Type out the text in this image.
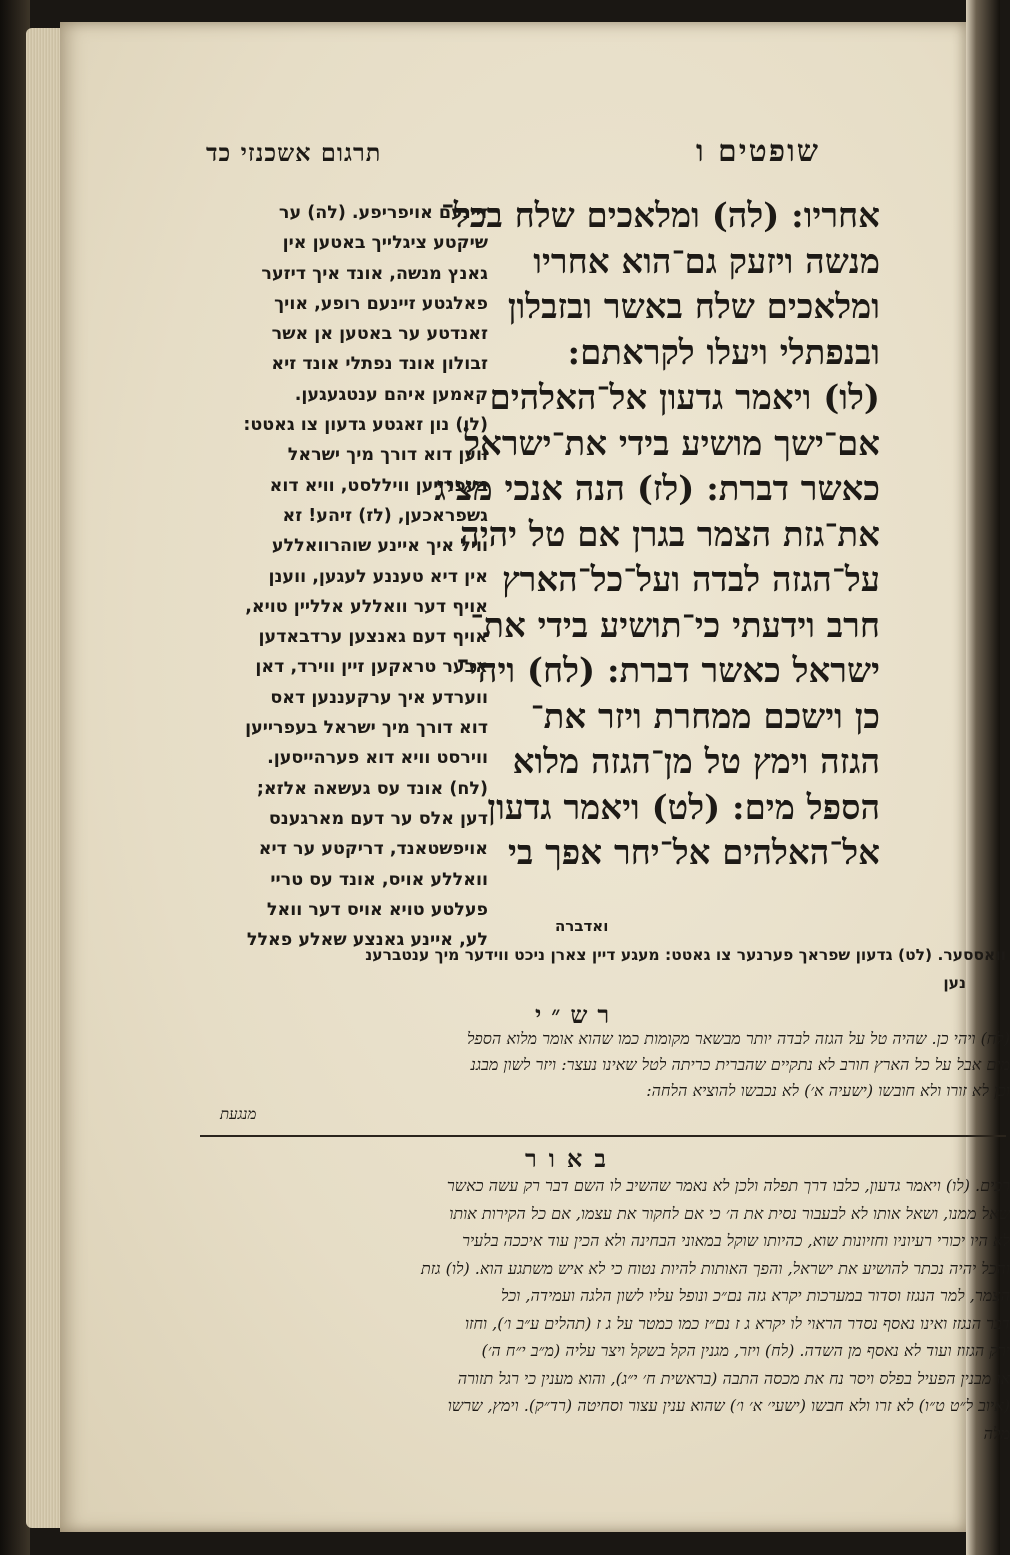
שופטים ו
תרגום אשכנזי כד
אחריו: (לה) ומלאכים שלח בכל־
מנשה ויזעק גם־הוא אחריו
ומלאכים שלח באשר ובזבלון
ובנפתלי ויעלו לקראתם:
(לו) ויאמר גדעון אל־האלהים
אם־ישך מושיע בידי את־ישראל
כאשר דברת: (לז) הנה אנכי מציג
את־גזת הצמר בגרן אם טל יהיה
על־הגזה לבדה ועל־כל־הארץ
חרב וידעתי כי־תושיע בידי את־
ישראל כאשר דברת: (לח) ויהי־
כן וישכם ממחרת ויזר את־
הגזה וימץ טל מן־הגזה מלוא
הספל מים: (לט) ויאמר גדעון
אל־האלהים אל־יחר אפך בי
ואדברה
זיינעם אויפריפע. (לה) ער
שיקטע ציגלייך באטען אין
גאנץ מנשה, אונד איך דיזער
פאלגטע זיינעם רופע, אויך
זאנדטע ער באטען אן אשר
זבולון אונד נפתלי אונד זיא
קאמען איהם ענטגעגען.
(לו) נון זאגטע גדעון צו גאטט:
ווען דוא דורך מיך ישראל
בעפרייען וויללסט, וויא דוא
גשפראכען, (לז) זיהע! זא
וויל איך איינע שוהרוואללע
אין דיא טעננע לעגען, ווענן
אויף דער וואללע אלליין טויא,
אויף דעם גאנצען ערדבאדען
אבער טראקען זיין ווירד, דאן
ווערדע איך ערקעננען דאס
דוא דורך מיך ישראל בעפרייען
ווירסט וויא דוא פערהייסען.
(לח) אונד עס געשאה אלזא;
דען אלס ער דעם מארגענס
אויפשטאנד, דריקטע ער דיא
וואללע אויס, אונד עס טריי
פעלטע טויא אויס דער וואל
לע, איינע גאנצע שאלע פאלל
וואססער. (לט) גדעון שפראך פערנער צו גאטט: מעגע דיין צארן ניכט ווידער מיך ענטברענ
נען
רש״י
(לח) ויהי כן. שהיה טל על הגזה לבדה יותר מבשאר מקומות כמו שהוא אומר מלוא הספל
מים אבל על כל הארץ חורב לא נתקיים שהברית כריתה לטל שאינו נעצר: ויזר לשון מבגנ
וכן לא זורו ולא חובשו (ישעיה א׳) לא נכבשו להוציא הלחה:
מנגעת
באור
רכים. (לו) ויאמר גדעון, כלבו דרך תפלה ולכן לא נאמר שהשיב לו השם דבר רק עשה כאשר
שאל ממנו, ושאל אותו לא לבעבור נסית את ה׳ כי אם לחקור את עצמו, אם כל הקירות אותו
לא היו יכורי רעיוניו וחזיונות שוא, כהיותו שוקל במאוני הבחינה ולא הכין עוד איככה בלעיר
והכל יהיה נכתר להושיע את ישראל, והפך האותות להיות נטוח כי לא איש משתגע הוא. (לו) גזת
הצמר, למר הנגזז וסדור במערכות יקרא גזה נם״כ ונופל עליו לשון הלגה ועמידה, וכל
דבר הנגזז ואינו נאסף נסדר הראוי לו יקרא ג ז נם״ז כמו כמטר על ג ז (תהלים ע״ב ו׳), וחזו
ירק הגזוז ועוד לא נאסף מן השדה. (לח) ויזר, מגנין הקל בשקל ויצר עליה (מ״ב י״ח ה׳)
או מבנין הפעיל בפלס ויסר נח את מכסה התבה (בראשית ח׳ י״ג), והוא מענין כי רגל תזורה
(איוב ל״ט ט״ו) לא זרו ולא חבשו (ישעי׳ א׳ ו׳) שהוא ענין עצור וסחיטה (רד״ק). וימץ, שרשו
מלה
